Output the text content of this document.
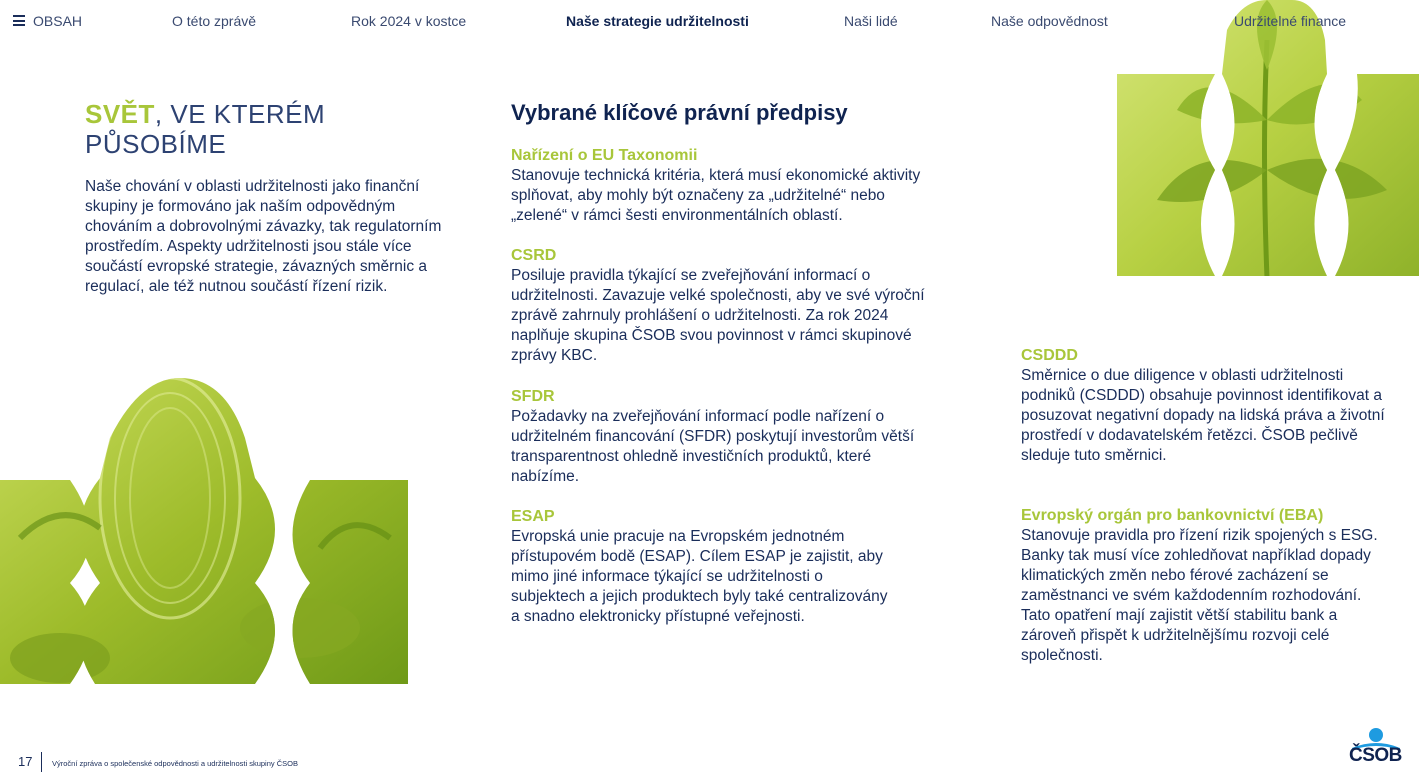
OBSAH	O této zprávě	Rok 2024 v kostce	Naše strategie udržitelnosti	Naši lidé	Naše odpovědnost	Udržitelné finance
SVĚT, VE KTERÉM PŮSOBÍME
Naše chování v oblasti udržitelnosti jako finanční skupiny je formováno jak naším odpovědným chováním a dobrovolnými závazky, tak regulatorním prostředím. Aspekty udržitelnosti jsou stále více součástí evropské strategie, závazných směrnic a regulací, ale též nutnou součástí řízení rizik.
Vybrané klíčové právní předpisy
Nařízení o EU Taxonomii
Stanovuje technická kritéria, která musí ekonomické aktivity splňovat, aby mohly být označeny za „udržitelné“ nebo „zelené“ v rámci šesti environmentálních oblastí.
CSRD
Posiluje pravidla týkající se zveřejňování informací o udržitelnosti. Zavazuje velké společnosti, aby ve své výroční zprávě zahrnuly prohlášení o udržitelnosti. Za rok 2024 naplňuje skupina ČSOB svou povinnost v rámci skupinové zprávy KBC.
SFDR
Požadavky na zveřejňování informací podle nařízení o udržitelném financování (SFDR) poskytují investorům větší transparentnost ohledně investičních produktů, které nabízíme.
ESAP
Evropská unie pracuje na Evropském jednotném přístupovém bodě (ESAP). Cílem ESAP je zajistit, aby mimo jiné informace týkající se udržitelnosti o subjektech a jejich produktech byly také centralizovány a snadno elektronicky přístupné veřejnosti.
CSDDD
Směrnice o due diligence v oblasti udržitelnosti podniků (CSDDD) obsahuje povinnost identifikovat a posuzovat negativní dopady na lidská práva a životní prostředí v dodavatelském řetězci. ČSOB pečlivě sleduje tuto směrnici.
Evropský orgán pro bankovnictví (EBA)
Stanovuje pravidla pro řízení rizik spojených s ESG. Banky tak musí více zohledňovat například dopady klimatických změn nebo férové zacházení se zaměstnanci ve svém každodenním rozhodování. Tato opatření mají zajistit větší stabilitu bank a zároveň přispět k udržitelnějšímu rozvoji celé společnosti.
17	Výroční zpráva o společenské odpovědnosti a udržitelnosti skupiny ČSOB	ČSOB
